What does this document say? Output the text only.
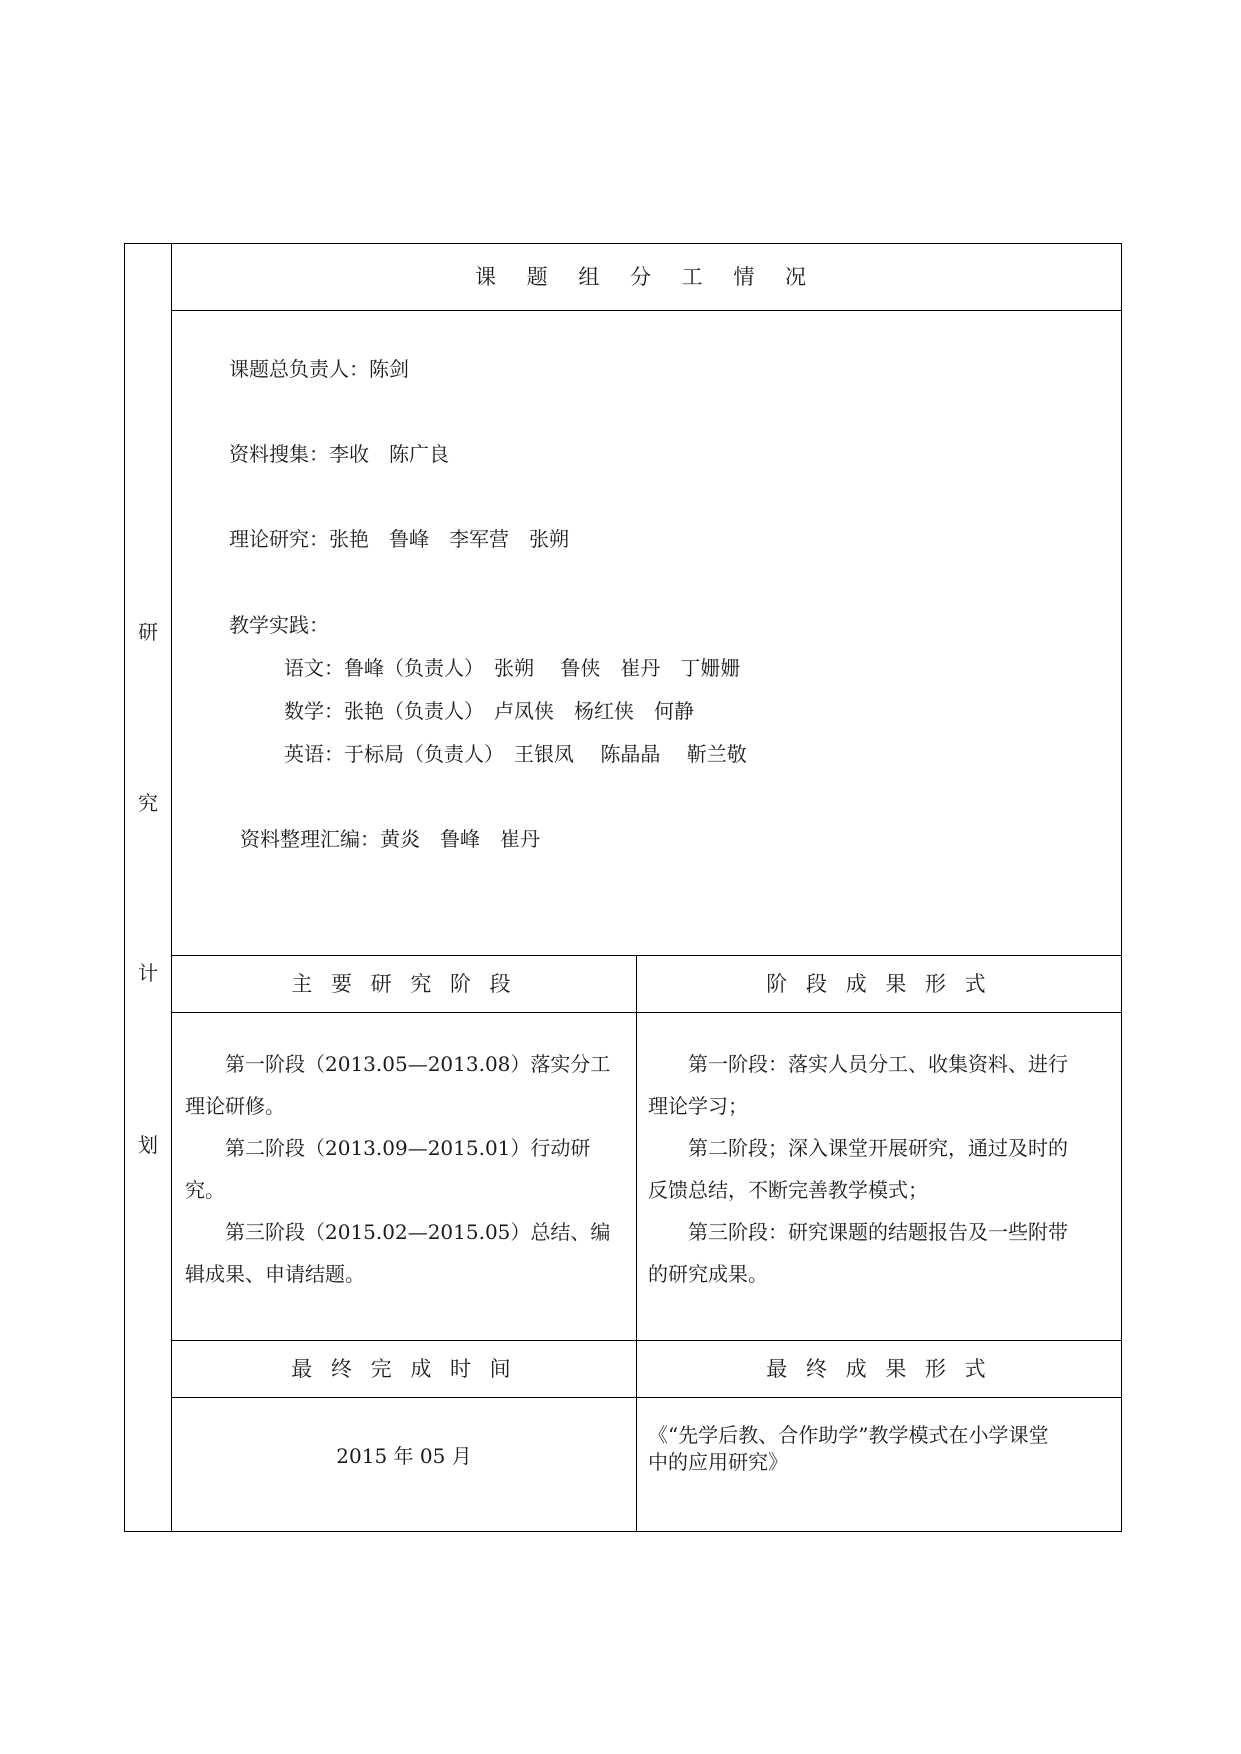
研
究
计
划
课 题 组 分 工 情 况
课题总负责人：陈剑
资料搜集：李收　陈广良
理论研究：张艳　鲁峰　李军营　张朔
教学实践：
语文：鲁峰（负责人）　张朔　 鲁侠　崔丹　丁姗姗
数学：张艳（负责人）　卢凤侠　杨红侠　何静
英语：于标局（负责人）　王银凤　 陈晶晶　 靳兰敬
资料整理汇编：黄炎　鲁峰　崔丹
主 要 研 究 阶 段	阶 段 成 果 形 式
　　第一阶段（2013.05—2013.08）落实分工
理论研修。
　　第二阶段（2013.09—2015.01）行动研
究。
　　第三阶段（2015.02—2015.05）总结、编
辑成果、申请结题。
　　第一阶段：落实人员分工、收集资料、进行
理论学习；
　　第二阶段；深入课堂开展研究，通过及时的
反馈总结，不断完善教学模式；
　　第三阶段：研究课题的结题报告及一些附带
的研究成果。
最 终 完 成 时 间	最 终 成 果 形 式
2015 年 05 月
《“先学后教、合作助学”教学模式在小学课堂
中的应用研究》
